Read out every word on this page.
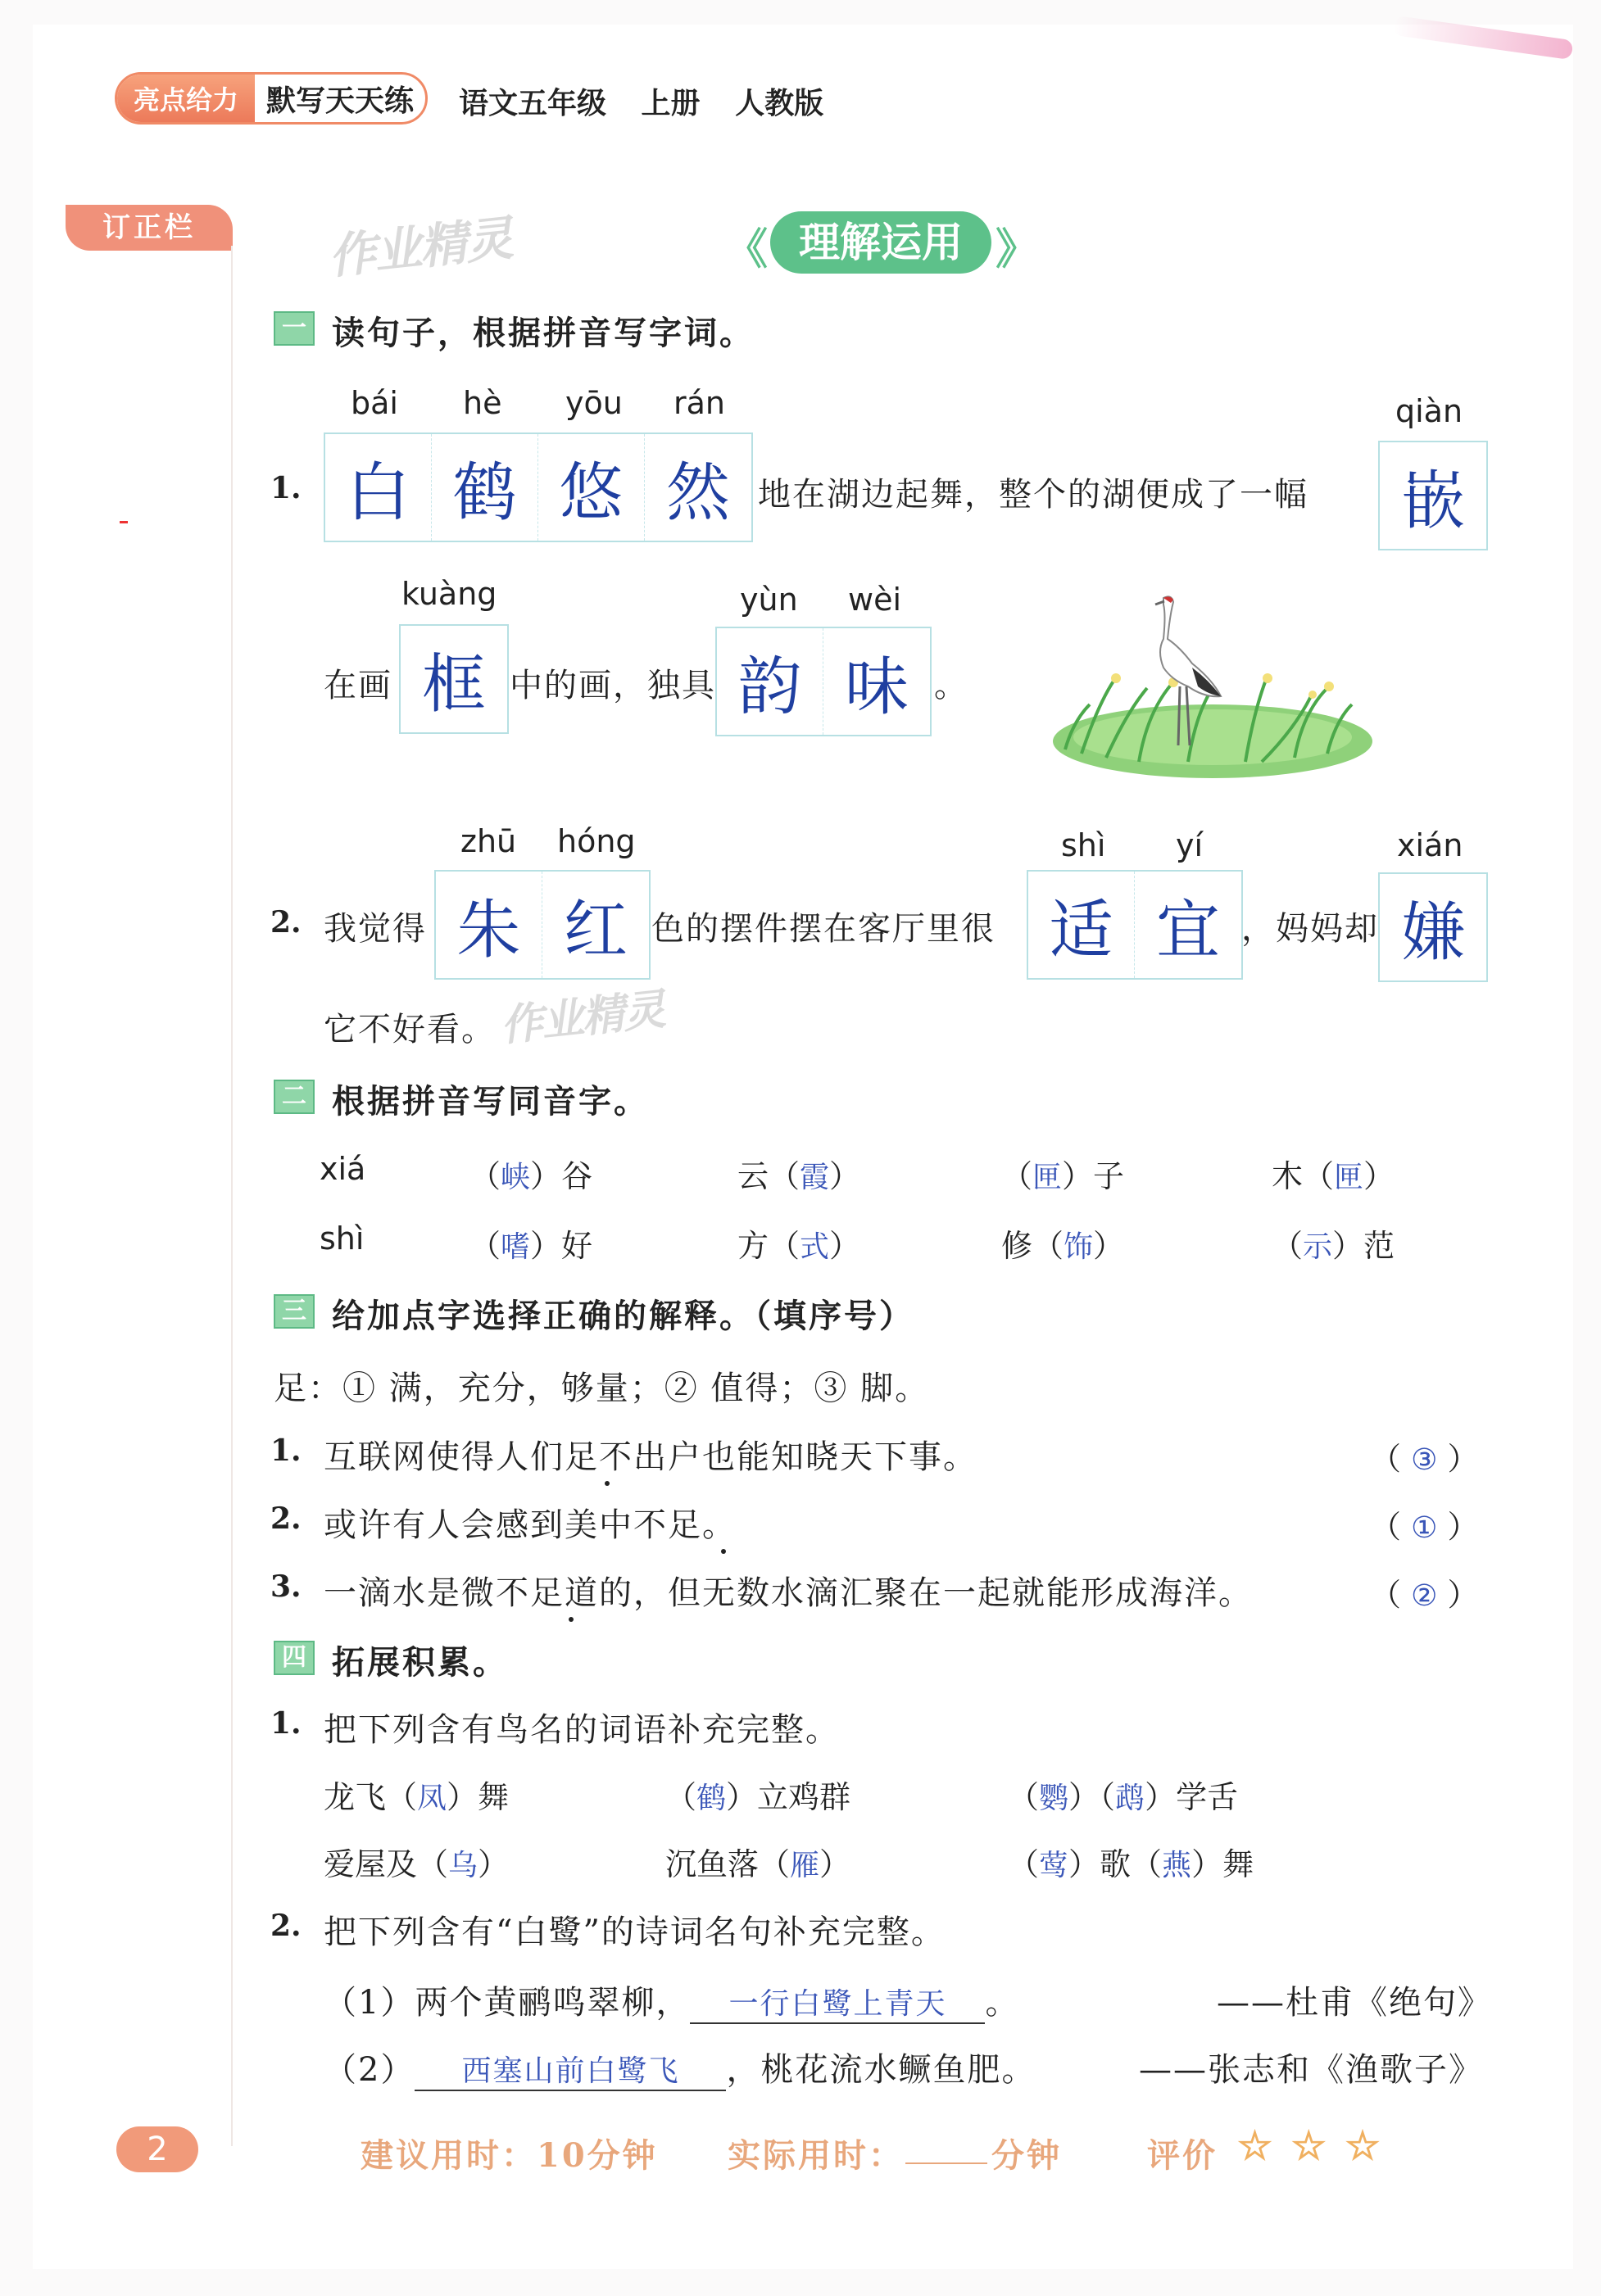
亮点给力 默写天天练	语文五年级 上册 人教版
订正栏	作业精灵
作业精灵
《 理解运用 》
一 读句子，根据拼音写字词。
bái hè yōu rán
1. 白 鹤 悠 然 地在湖边起舞，整个的湖便成了一幅
qiàn
嵌
在画
kuàng
框 中的画，独具
yùn wèi
韵 味 。
zhū hóng
2. 我觉得 朱 红 色的摆件摆在客厅里很
shì yí
适 宜 ，妈妈却
xián
嫌
它不好看。
二 根据拼音写同音字。
xiá	（峡）谷	云（霞）	（匣）子	木（匣）
shì	（嗜）好	方（式）	修（饰）	（示）范
三 给加点字选择正确的解释。（填序号）
足：① 满，充分，够量；② 值得；③ 脚。
1. 互联网使得人们足不出户也能知晓天下事。	（ ③ ）
2. 或许有人会感到美中不足。	（ ① ）
3. 一滴水是微不足道的，但无数水滴汇聚在一起就能形成海洋。	（ ② ）
四 拓展积累。
1. 把下列含有鸟名的词语补充完整。
龙飞（凤）舞	（鹤）立鸡群	（鹦）（鹉）学舌
爱屋及（乌）	沉鱼落（雁）	（莺）歌（燕）舞
2. 把下列含有“白鹭”的诗词名句补充完整。
（1）两个黄鹂鸣翠柳， 一行白鹭上青天 。	——杜甫《绝句》
（2） 西塞山前白鹭飞 ，桃花流水鳜鱼肥。	——张志和《渔歌子》
2	建议用时：10分钟 实际用时：	分钟	评价 ☆ ☆ ☆
